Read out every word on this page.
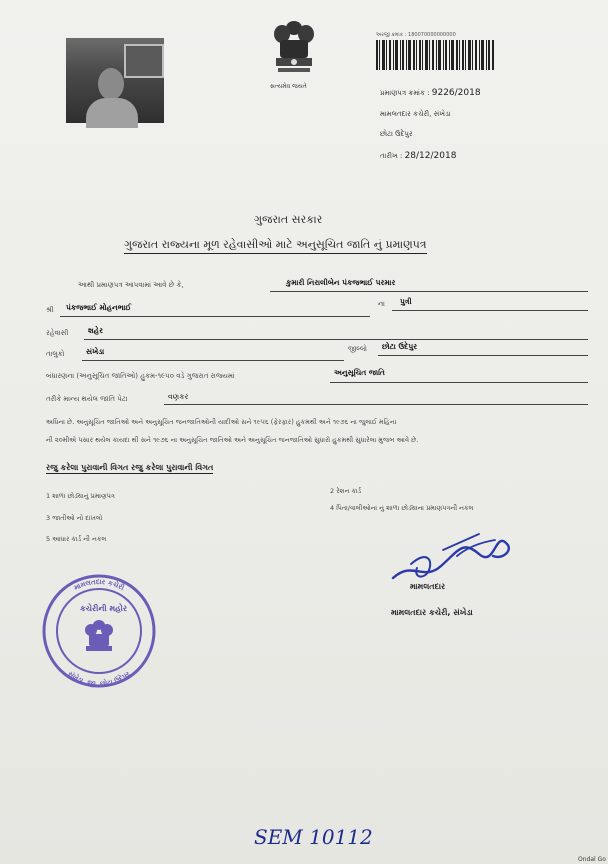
સત્યમેવ જયતે
અરજી ક્રમાંક : 180070000000000
પ્રમાણપત્ર ક્રમાંક : 9226/2018
મામલતદાર કચેરી, સંખેડા
છોટા ઉદેપુર
તારીખ : 28/12/2018
ગુજરાત સરકાર
ગુજરાત રાજ્યના મૂળ રહેવાસીઓ માટે અનુસૂચિત જાતિ નું પ્રમાણપત્ર
આથી પ્રમાણપત્ર આપવામાં આવે છે કે,	કુમારી નિરાલીબેન પંકજભાઈ પરમાર
શ્રી પંકજભાઈ મોહનભાઈ	ના પુત્રી
રહેવાસી	શહેર
તાલુકો	સંખેડા	જીલ્લો છોટા ઉદેપુર
બંધારણના (અનુસૂચિત જાતિઓ) હુકમ-૧૯૫૦ વડે ગુજરાત રાજ્યમાં	અનુસૂચિત જાતિ
તરીકે માન્ય થયેલ જાતિ પેટા	વણકર
અધિના છે. અનુસૂચિત જાતિઓ અને અનુસૂચિત જનજાતિઓની યાદીઓ સને ૧૯૫૬ (ફેરફાર) હુકમથી અને ૧૯૭૬ ના જુલાઈ મહિના
ની ૨૦મીએ પસાર થયેલ કાયદા થી સને ૧૯૭૬ ના અનુસૂચિત જાતિઓ અને અનુસૂચિત જનજાતિઓ સુધારો હુકમથી સુધારેલા મુજબ આવે છે.
રજુ કરેલા પુરાવાની વિગત રજુ કરેલા પુરાવાની વિગત
1 શાળા છોડ્યાનું પ્રમાણપત્ર
2 રેશન કાર્ડ
3 જાતીઓ નો દાખલો
4 પિતા/વાલીઓના નું શાળા છોડ્યાના પ્રમાણપત્રની નકલ
5 આધાર કાર્ડ ની નકલ
મામલતદાર કચેરી
સંખેડા, જી. છોટા ઉદેપુર
કચેરીની મહોર
મામલતદાર
મામલતદાર કચેરી, સંખેડા
SEM 10112
Ondal Go
